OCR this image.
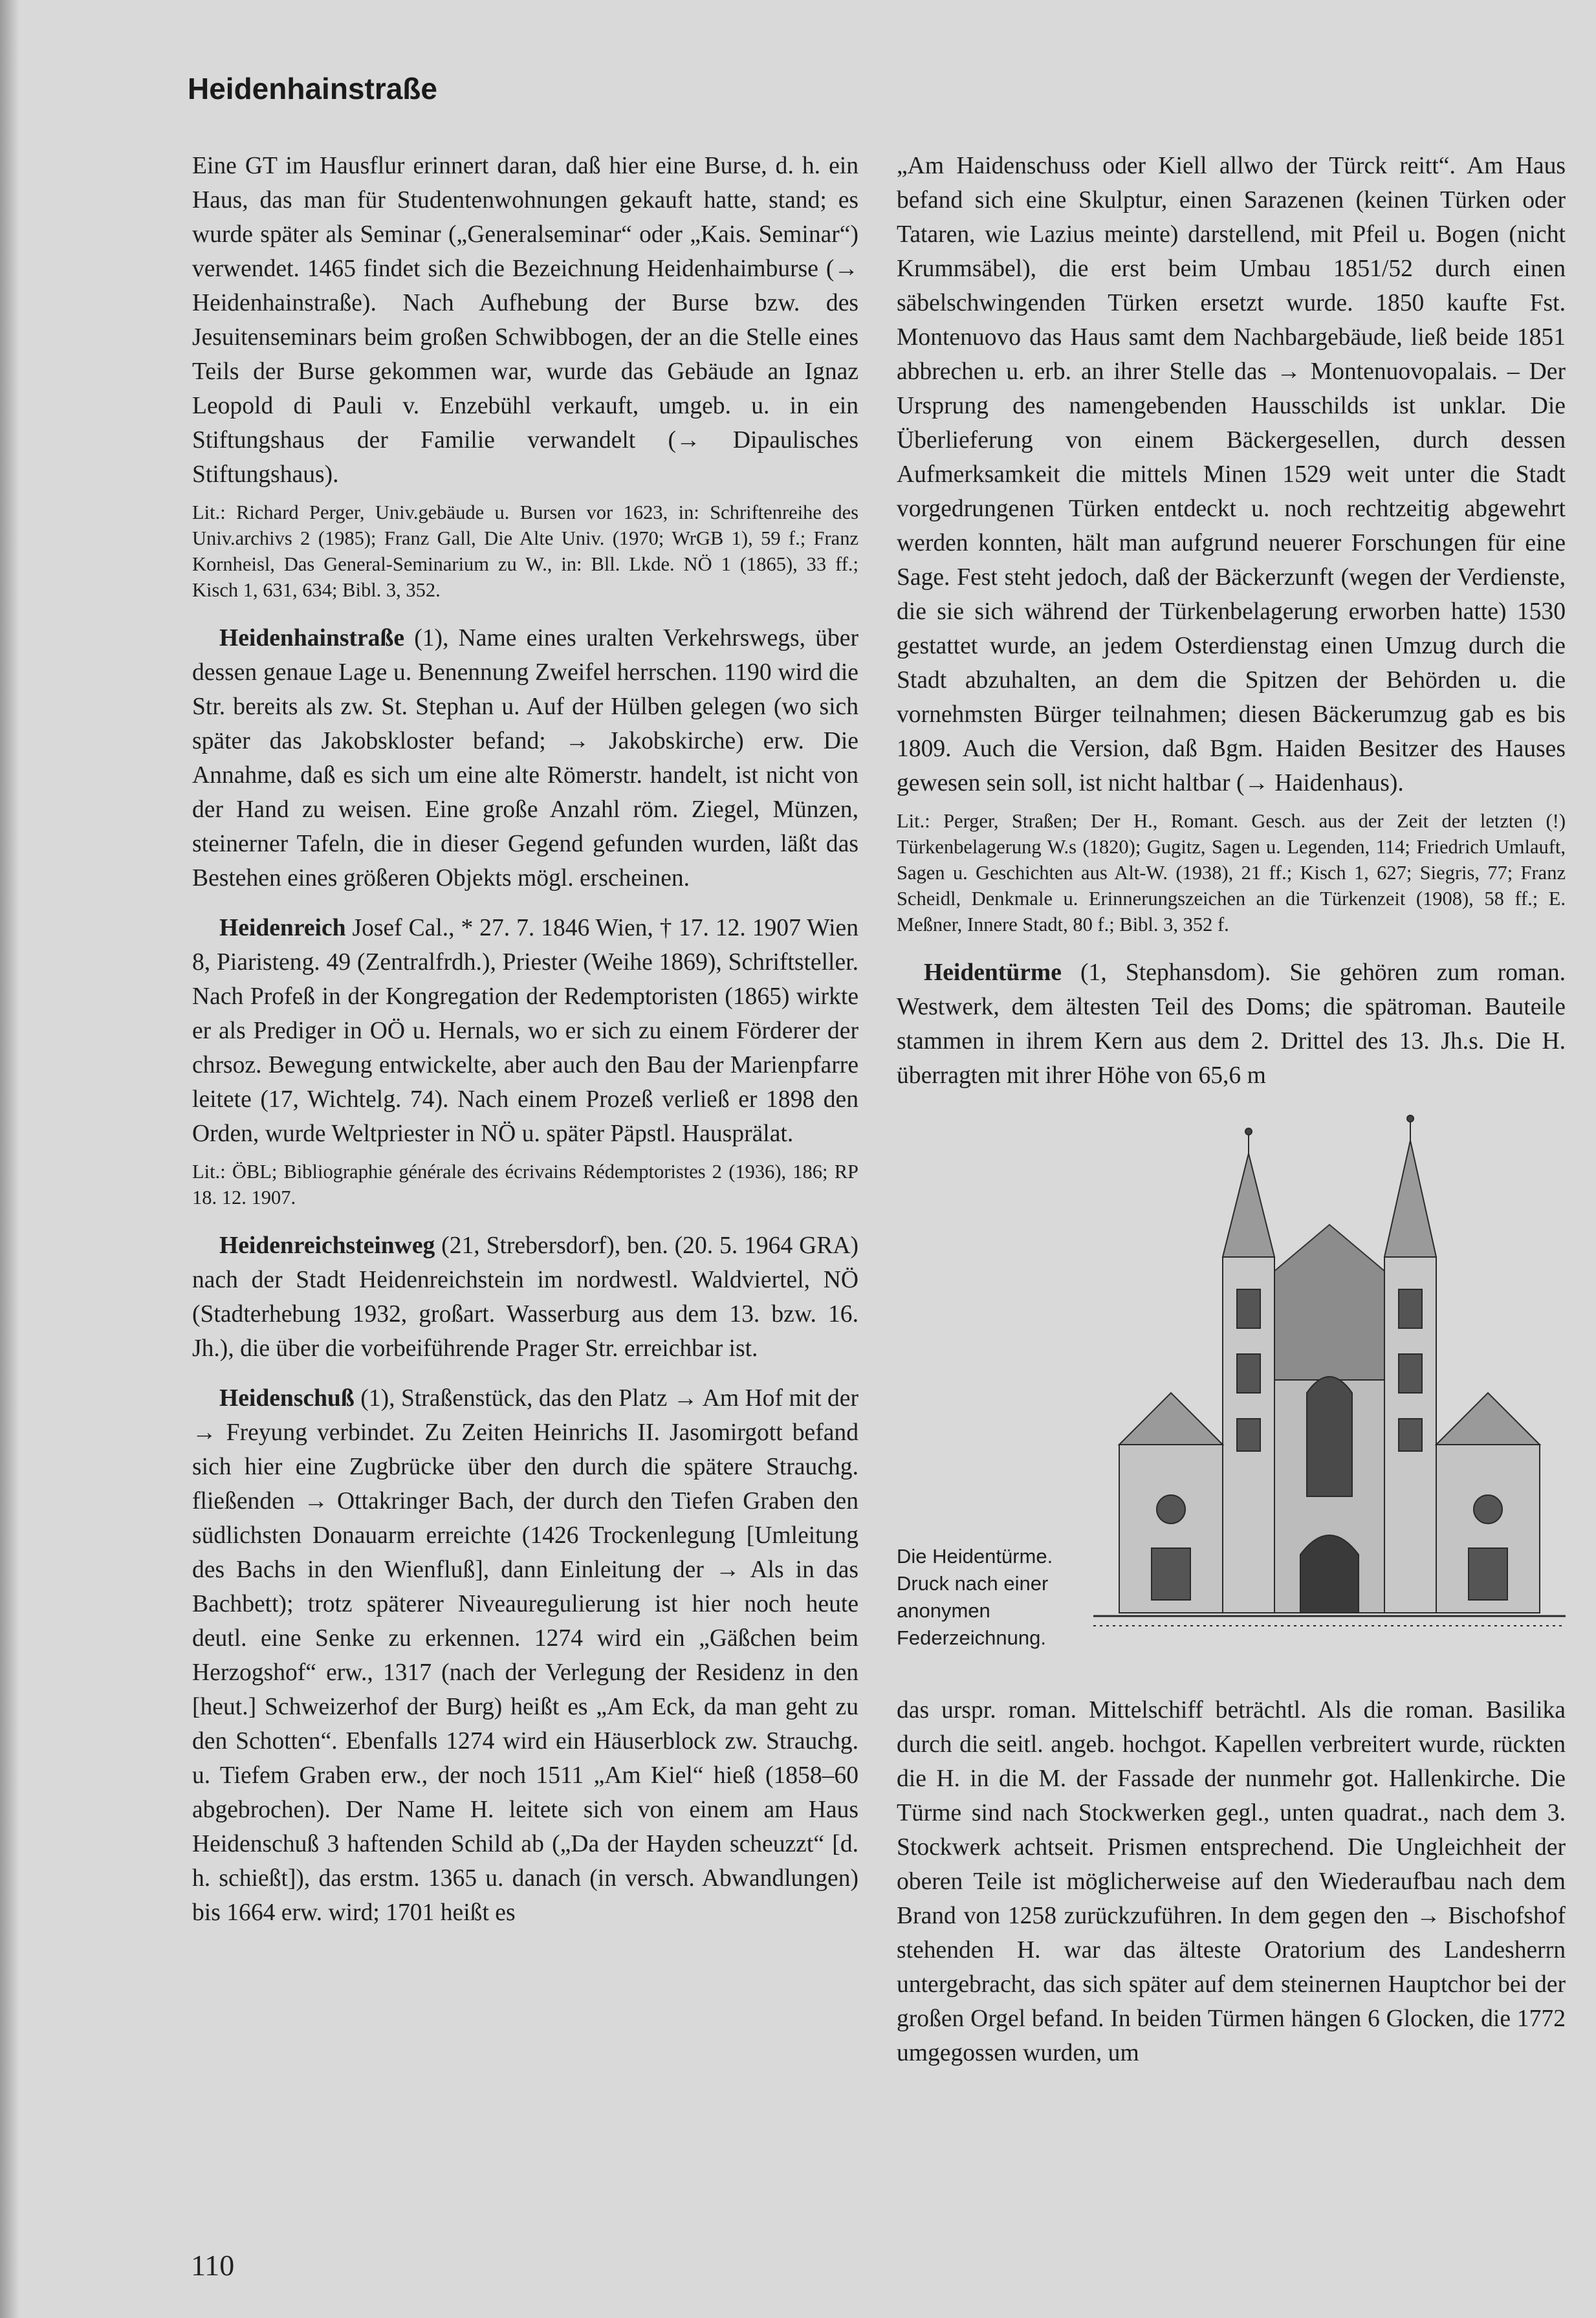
Heidenhainstraße

Eine GT im Hausflur erinnert daran, daß hier eine Burse, d. h. ein Haus, das man für Studentenwohnungen gekauft hatte, stand; es wurde später als Seminar („Generalseminar“ oder „Kais. Seminar“) verwendet. 1465 findet sich die Bezeichnung Heidenhaimburse (→ Heidenhainstraße). Nach Aufhebung der Burse bzw. des Jesuitenseminars beim großen Schwibbogen, der an die Stelle eines Teils der Burse gekommen war, wurde das Gebäude an Ignaz Leopold di Pauli v. Enzebühl verkauft, umgeb. u. in ein Stiftungshaus der Familie verwandelt (→ Dipaulisches Stiftungshaus).

Lit.: Richard Perger, Univ.gebäude u. Bursen vor 1623, in: Schriftenreihe des Univ.archivs 2 (1985); Franz Gall, Die Alte Univ. (1970; WrGB 1), 59 f.; Franz Kornheisl, Das General-Seminarium zu W., in: Bll. Lkde. NÖ 1 (1865), 33 ff.; Kisch 1, 631, 634; Bibl. 3, 352.

Heidenhainstraße (1), Name eines uralten Verkehrswegs, über dessen genaue Lage u. Benennung Zweifel herrschen. 1190 wird die Str. bereits als zw. St. Stephan u. Auf der Hülben gelegen (wo sich später das Jakobskloster befand; → Jakobskirche) erw. Die Annahme, daß es sich um eine alte Römerstr. handelt, ist nicht von der Hand zu weisen. Eine große Anzahl röm. Ziegel, Münzen, steinerner Tafeln, die in dieser Gegend gefunden wurden, läßt das Bestehen eines größeren Objekts mögl. erscheinen.

Heidenreich Josef Cal., * 27. 7. 1846 Wien, † 17. 12. 1907 Wien 8, Piaristeng. 49 (Zentralfrdh.), Priester (Weihe 1869), Schriftsteller. Nach Profeß in der Kongregation der Redemptoristen (1865) wirkte er als Prediger in OÖ u. Hernals, wo er sich zu einem Förderer der chrsoz. Bewegung entwickelte, aber auch den Bau der Marienpfarre leitete (17, Wichtelg. 74). Nach einem Prozeß verließ er 1898 den Orden, wurde Weltpriester in NÖ u. später Päpstl. Hausprälat.

Lit.: ÖBL; Bibliographie générale des écrivains Rédemptoristes 2 (1936), 186; RP 18. 12. 1907.

Heidenreichsteinweg (21, Strebersdorf), ben. (20. 5. 1964 GRA) nach der Stadt Heidenreichstein im nordwestl. Waldviertel, NÖ (Stadterhebung 1932, großart. Wasserburg aus dem 13. bzw. 16. Jh.), die über die vorbeiführende Prager Str. erreichbar ist.

Heidenschuß (1), Straßenstück, das den Platz → Am Hof mit der → Freyung verbindet. Zu Zeiten Heinrichs II. Jasomirgott befand sich hier eine Zugbrücke über den durch die spätere Strauchg. fließenden → Ottakringer Bach, der durch den Tiefen Graben den südlichsten Donauarm erreichte (1426 Trockenlegung [Umleitung des Bachs in den Wienfluß], dann Einleitung der → Als in das Bachbett); trotz späterer Niveauregulierung ist hier noch heute deutl. eine Senke zu erkennen. 1274 wird ein „Gäßchen beim Herzogshof“ erw., 1317 (nach der Verlegung der Residenz in den [heut.] Schweizerhof der Burg) heißt es „Am Eck, da man geht zu den Schotten“. Ebenfalls 1274 wird ein Häuserblock zw. Strauchg. u. Tiefem Graben erw., der noch 1511 „Am Kiel“ hieß (1858–60 abgebrochen). Der Name H. leitete sich von einem am Haus Heidenschuß 3 haftenden Schild ab („Da der Hayden scheuzzt“ [d. h. schießt]), das erstm. 1365 u. danach (in versch. Abwandlungen) bis 1664 erw. wird; 1701 heißt es

„Am Haidenschuss oder Kiell allwo der Türck reitt“. Am Haus befand sich eine Skulptur, einen Sarazenen (keinen Türken oder Tataren, wie Lazius meinte) darstellend, mit Pfeil u. Bogen (nicht Krummsäbel), die erst beim Umbau 1851/52 durch einen säbelschwingenden Türken ersetzt wurde. 1850 kaufte Fst. Montenuovo das Haus samt dem Nachbargebäude, ließ beide 1851 abbrechen u. erb. an ihrer Stelle das → Montenuovopalais. – Der Ursprung des namengebenden Hausschilds ist unklar. Die Überlieferung von einem Bäckergesellen, durch dessen Aufmerksamkeit die mittels Minen 1529 weit unter die Stadt vorgedrungenen Türken entdeckt u. noch rechtzeitig abgewehrt werden konnten, hält man aufgrund neuerer Forschungen für eine Sage. Fest steht jedoch, daß der Bäckerzunft (wegen der Verdienste, die sie sich während der Türkenbelagerung erworben hatte) 1530 gestattet wurde, an jedem Osterdienstag einen Umzug durch die Stadt abzuhalten, an dem die Spitzen der Behörden u. die vornehmsten Bürger teilnahmen; diesen Bäckerumzug gab es bis 1809. Auch die Version, daß Bgm. Haiden Besitzer des Hauses gewesen sein soll, ist nicht haltbar (→ Haidenhaus).

Lit.: Perger, Straßen; Der H., Romant. Gesch. aus der Zeit der letzten (!) Türkenbelagerung W.s (1820); Gugitz, Sagen u. Legenden, 114; Friedrich Umlauft, Sagen u. Geschichten aus Alt-W. (1938), 21 ff.; Kisch 1, 627; Siegris, 77; Franz Scheidl, Denkmale u. Erinnerungszeichen an die Türkenzeit (1908), 58 ff.; E. Meßner, Innere Stadt, 80 f.; Bibl. 3, 352 f.

Heidentürme (1, Stephansdom). Sie gehören zum roman. Westwerk, dem ältesten Teil des Doms; die spätroman. Bauteile stammen in ihrem Kern aus dem 2. Drittel des 13. Jh.s. Die H. überragten mit ihrer Höhe von 65,6 m

Die Heidentürme. Druck nach einer anonymen Federzeichnung.

das urspr. roman. Mittelschiff beträchtl. Als die roman. Basilika durch die seitl. angeb. hochgot. Kapellen verbreitert wurde, rückten die H. in die M. der Fassade der nunmehr got. Hallenkirche. Die Türme sind nach Stockwerken gegl., unten quadrat., nach dem 3. Stockwerk achtseit. Prismen entsprechend. Die Ungleichheit der oberen Teile ist möglicherweise auf den Wiederaufbau nach dem Brand von 1258 zurückzuführen. In dem gegen den → Bischofshof stehenden H. war das älteste Oratorium des Landesherrn untergebracht, das sich später auf dem steinernen Hauptchor bei der großen Orgel befand. In beiden Türmen hängen 6 Glocken, die 1772 umgegossen wurden, um

110
